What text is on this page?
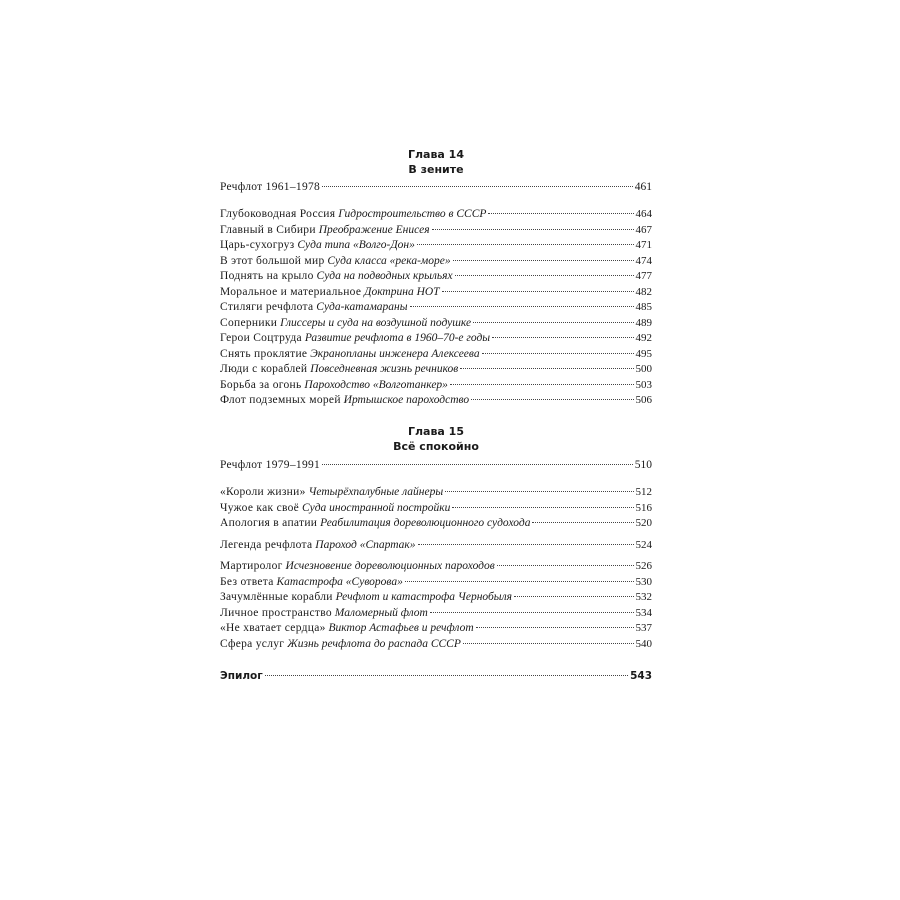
Глава 14
В зените
Речфлот 1961–1978	461
Глубоководная Россия Гидростроительство в СССР	464
Главный в Сибири Преображение Енисея	467
Царь-сухогруз Суда типа «Волго-Дон»	471
В этот большой мир Суда класса «река-море»	474
Поднять на крыло Суда на подводных крыльях	477
Моральное и материальное Доктрина НОТ	482
Стиляги речфлота Суда-катамараны	485
Соперники Глиссеры и суда на воздушной подушке	489
Герои Соцтруда Развитие речфлота в 1960–70-е годы	492
Снять проклятие Экранопланы инженера Алексеева	495
Люди с кораблей Повседневная жизнь речников	500
Борьба за огонь Пароходство «Волготанкер»	503
Флот подземных морей Иртышское пароходство	506
Глава 15
Всё спокойно
Речфлот 1979–1991	510
«Короли жизни» Четырёхпалубные лайнеры	512
Чужое как своё Суда иностранной постройки	516
Апология в апатии Реабилитация дореволюционного судохода	520
Легенда речфлота Пароход «Спартак»	524
Мартиролог Исчезновение дореволюционных пароходов	526
Без ответа Катастрофа «Суворова»	530
Зачумлённые корабли Речфлот и катастрофа Чернобыля	532
Личное пространство Маломерный флот	534
«Не хватает сердца» Виктор Астафьев и речфлот	537
Сфера услуг Жизнь речфлота до распада СССР	540
Эпилог	543
